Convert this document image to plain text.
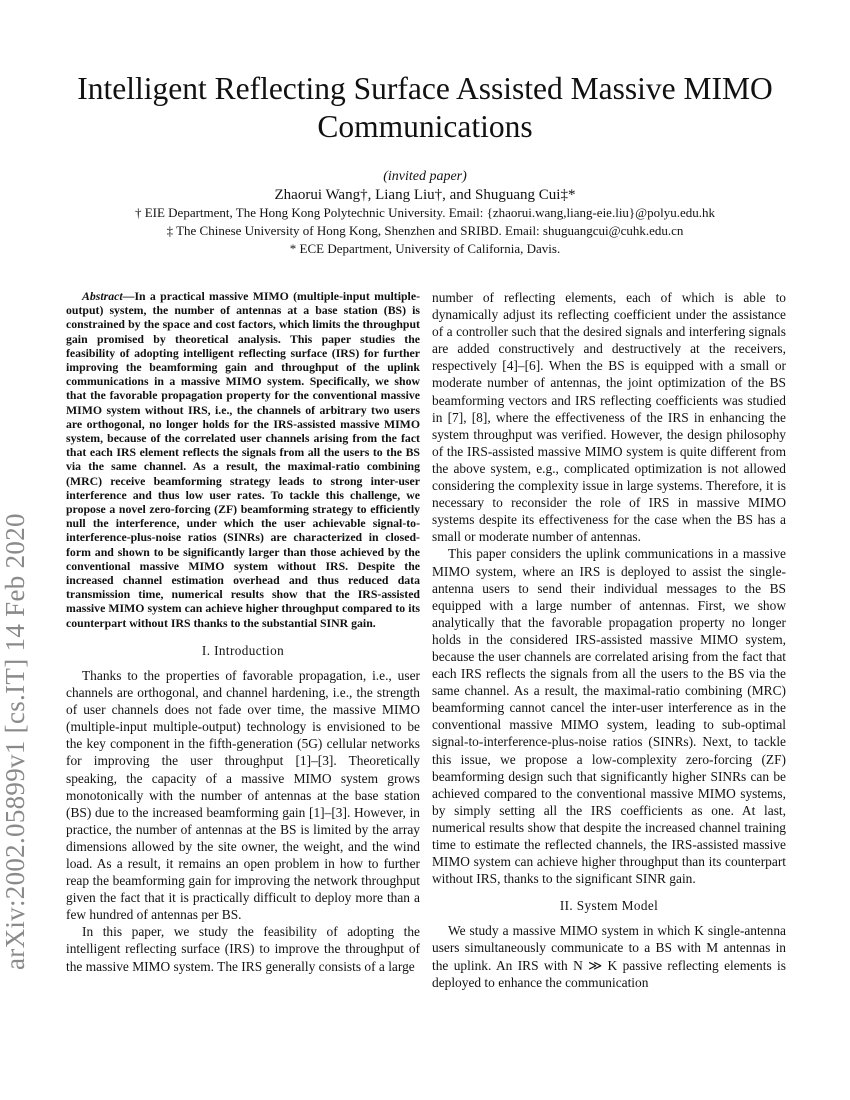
Intelligent Reflecting Surface Assisted Massive MIMO Communications
(invited paper)
Zhaorui Wang†, Liang Liu†, and Shuguang Cui‡*
† EIE Department, The Hong Kong Polytechnic University. Email: {zhaorui.wang,liang-eie.liu}@polyu.edu.hk
‡ The Chinese University of Hong Kong, Shenzhen and SRIBD. Email: shuguangcui@cuhk.edu.cn
* ECE Department, University of California, Davis.
arXiv:2002.05899v1 [cs.IT] 14 Feb 2020

Abstract—In a practical massive MIMO (multiple-input multiple-output) system, the number of antennas at a base station (BS) is constrained by the space and cost factors, which limits the throughput gain promised by theoretical analysis. This paper studies the feasibility of adopting intelligent reflecting surface (IRS) for further improving the beamforming gain and throughput of the uplink communications in a massive MIMO system. Specifically, we show that the favorable propagation property for the conventional massive MIMO system without IRS, i.e., the channels of arbitrary two users are orthogonal, no longer holds for the IRS-assisted massive MIMO system, because of the correlated user channels arising from the fact that each IRS element reflects the signals from all the users to the BS via the same channel. As a result, the maximal-ratio combining (MRC) receive beamforming strategy leads to strong inter-user interference and thus low user rates. To tackle this challenge, we propose a novel zero-forcing (ZF) beamforming strategy to efficiently null the interference, under which the user achievable signal-to-interference-plus-noise ratios (SINRs) are characterized in closed-form and shown to be significantly larger than those achieved by the conventional massive MIMO system without IRS. Despite the increased channel estimation overhead and thus reduced data transmission time, numerical results show that the IRS-assisted massive MIMO system can achieve higher throughput compared to its counterpart without IRS thanks to the substantial SINR gain.

I. Introduction

Thanks to the properties of favorable propagation, i.e., user channels are orthogonal, and channel hardening, i.e., the strength of user channels does not fade over time, the massive MIMO (multiple-input multiple-output) technology is envisioned to be the key component in the fifth-generation (5G) cellular networks for improving the user throughput [1]–[3]. Theoretically speaking, the capacity of a massive MIMO system grows monotonically with the number of antennas at the base station (BS) due to the increased beamforming gain [1]–[3]. However, in practice, the number of antennas at the BS is limited by the array dimensions allowed by the site owner, the weight, and the wind load. As a result, it remains an open problem in how to further reap the beamforming gain for improving the network throughput given the fact that it is practically difficult to deploy more than a few hundred of antennas per BS.

In this paper, we study the feasibility of adopting the intelligent reflecting surface (IRS) to improve the throughput of the massive MIMO system. The IRS generally consists of a large

number of reflecting elements, each of which is able to dynamically adjust its reflecting coefficient under the assistance of a controller such that the desired signals and interfering signals are added constructively and destructively at the receivers, respectively [4]–[6]. When the BS is equipped with a small or moderate number of antennas, the joint optimization of the BS beamforming vectors and IRS reflecting coefficients was studied in [7], [8], where the effectiveness of the IRS in enhancing the system throughput was verified. However, the design philosophy of the IRS-assisted massive MIMO system is quite different from the above system, e.g., complicated optimization is not allowed considering the complexity issue in large systems. Therefore, it is necessary to reconsider the role of IRS in massive MIMO systems despite its effectiveness for the case when the BS has a small or moderate number of antennas.

This paper considers the uplink communications in a massive MIMO system, where an IRS is deployed to assist the single-antenna users to send their individual messages to the BS equipped with a large number of antennas. First, we show analytically that the favorable propagation property no longer holds in the considered IRS-assisted massive MIMO system, because the user channels are correlated arising from the fact that each IRS reflects the signals from all the users to the BS via the same channel. As a result, the maximal-ratio combining (MRC) beamforming cannot cancel the inter-user interference as in the conventional massive MIMO system, leading to sub-optimal signal-to-interference-plus-noise ratios (SINRs). Next, to tackle this issue, we propose a low-complexity zero-forcing (ZF) beamforming design such that significantly higher SINRs can be achieved compared to the conventional massive MIMO systems, by simply setting all the IRS coefficients as one. At last, numerical results show that despite the increased channel training time to estimate the reflected channels, the IRS-assisted massive MIMO system can achieve higher throughput than its counterpart without IRS, thanks to the significant SINR gain.

II. System Model

We study a massive MIMO system in which K single-antenna users simultaneously communicate to a BS with M antennas in the uplink. An IRS with N ≫ K passive reflecting elements is deployed to enhance the communication
